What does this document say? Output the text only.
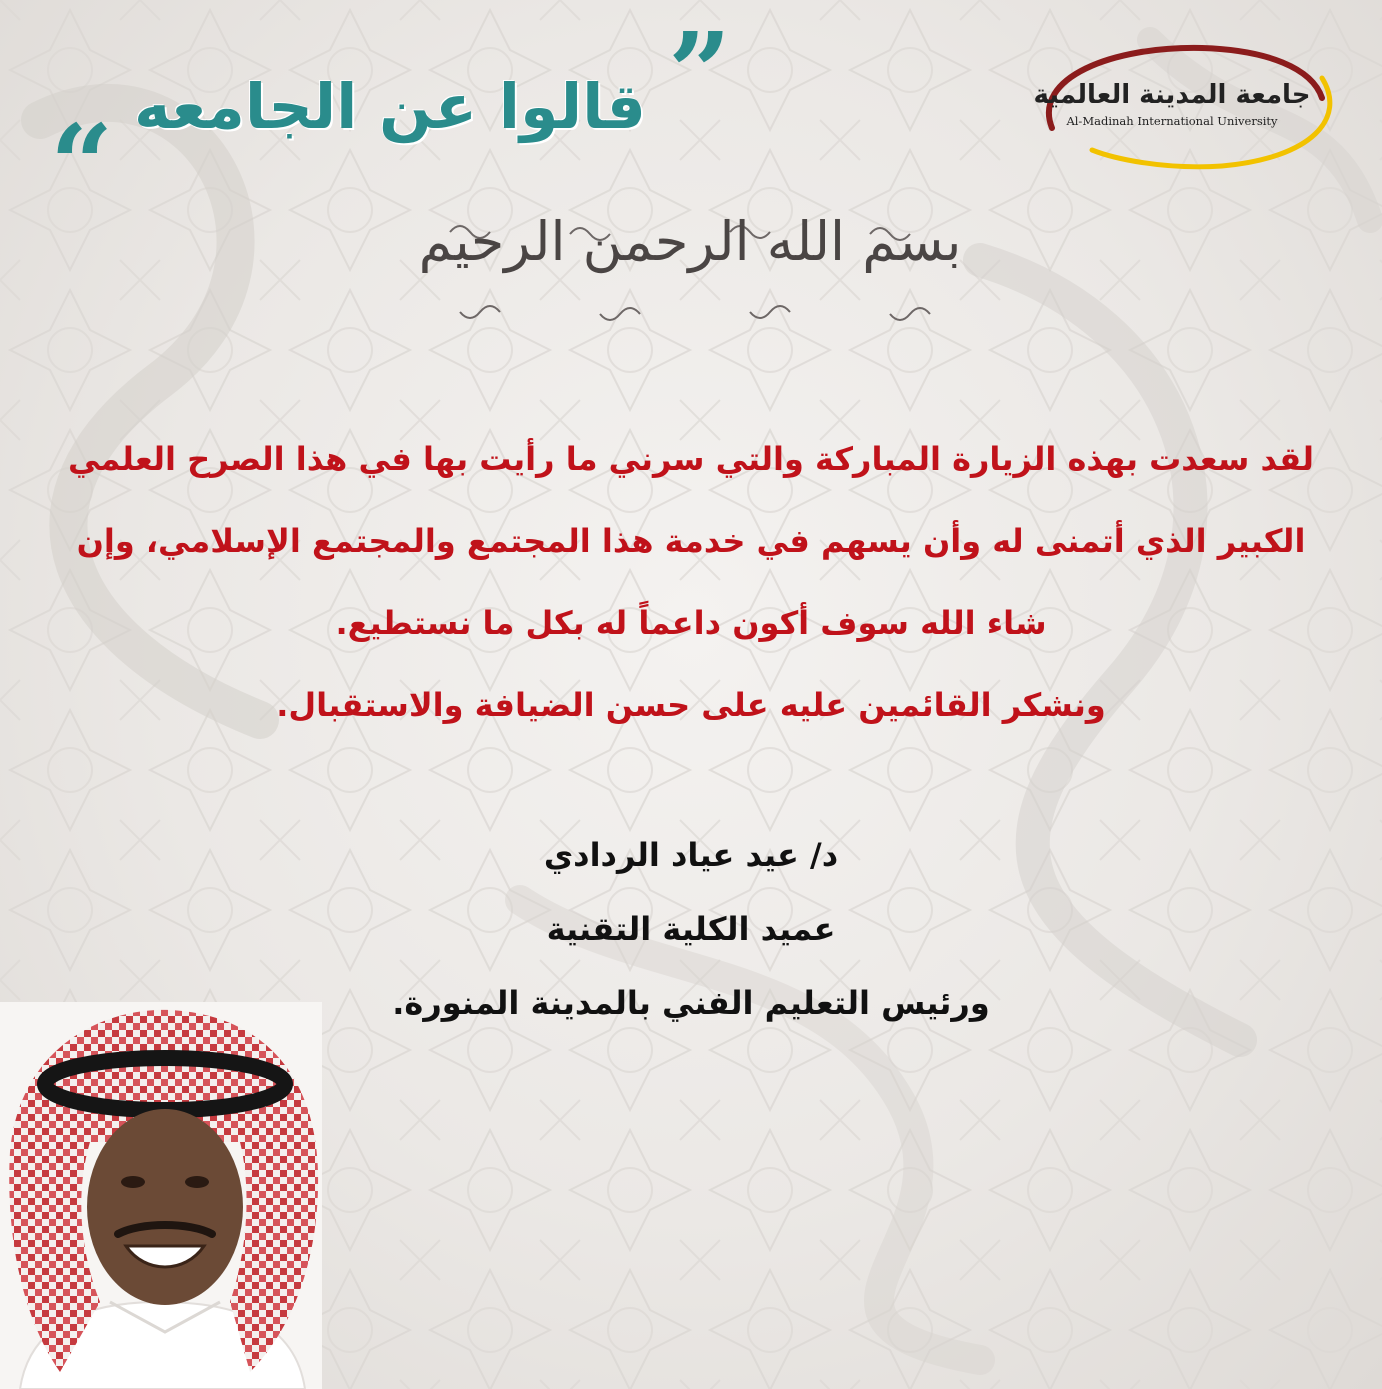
”
قالوا عن الجامعه
“
جامعة المدينة العالمية
Al-Madinah International University
بسم الله الرحمن الرحيم
لقد سعدت بهذه الزيارة المباركة والتي سرني ما رأيت بها في هذا الصرح العلمي
الكبير الذي أتمنى له وأن يسهم في خدمة هذا المجتمع والمجتمع الإسلامي، وإن
شاء الله سوف أكون داعماً له بكل ما نستطيع.
ونشكر القائمين عليه على حسن الضيافة والاستقبال.
د/ عيد عياد الردادي
عميد الكلية التقنية
ورئيس التعليم الفني بالمدينة المنورة.
